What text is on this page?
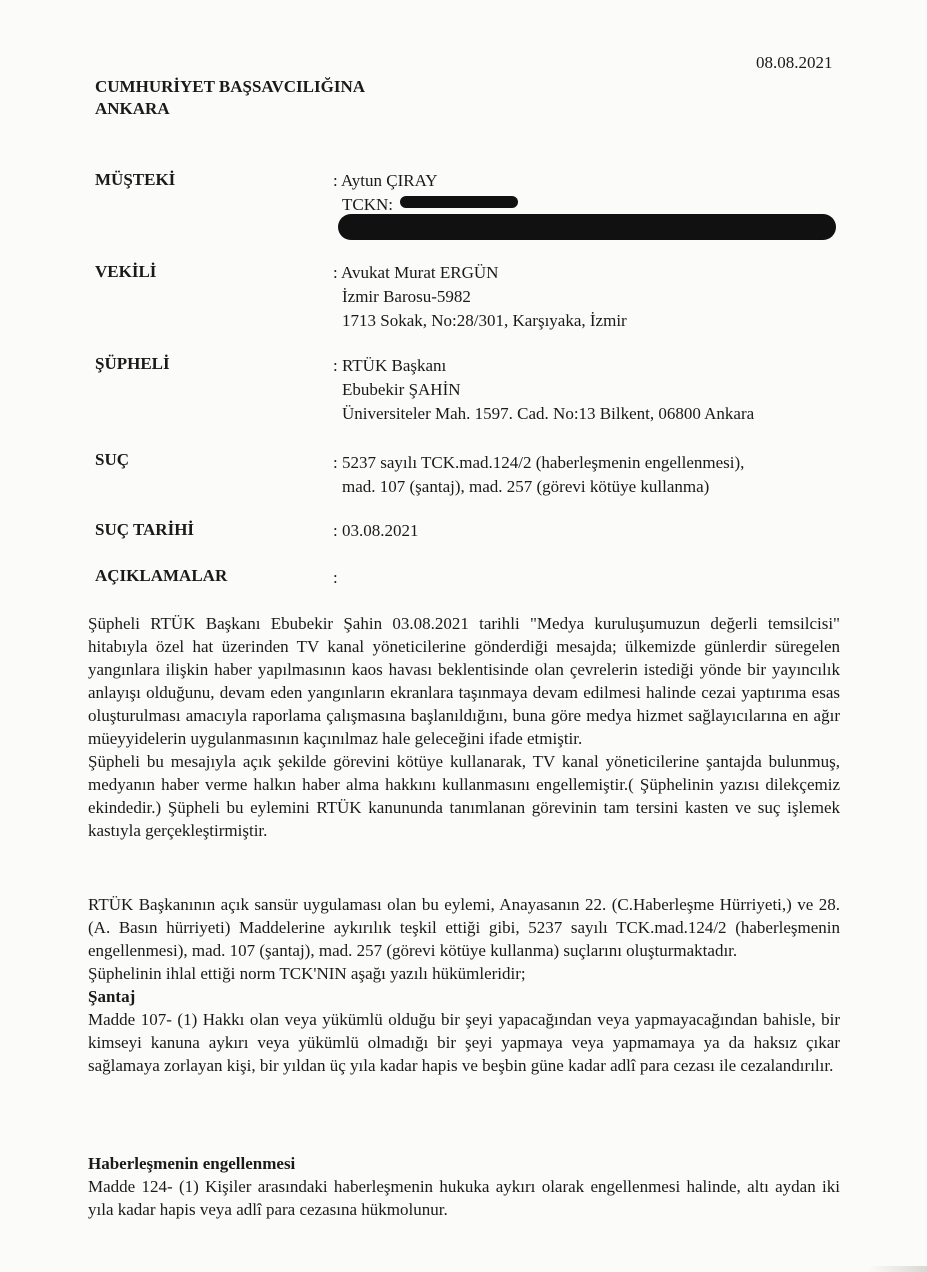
08.08.2021
CUMHURİYET BAŞSAVCILIĞINA
ANKARA
MÜŞTEKİ	: Aytun ÇIRAY
TCKN:
VEKİLİ	: Avukat Murat ERGÜN
İzmir Barosu-5982
1713 Sokak, No:28/301, Karşıyaka, İzmir
ŞÜPHELİ	: RTÜK Başkanı
Ebubekir ŞAHİN
Üniversiteler Mah. 1597. Cad. No:13 Bilkent, 06800 Ankara
SUÇ	: 5237 sayılı TCK.mad.124/2 (haberleşmenin engellenmesi),
mad. 107 (şantaj), mad. 257 (görevi kötüye kullanma)
SUÇ TARİHİ	: 03.08.2021
AÇIKLAMALAR	:

Şüpheli RTÜK Başkanı Ebubekir Şahin 03.08.2021 tarihli "Medya kuruluşumuzun değerli temsilcisi" hitabıyla özel hat üzerinden TV kanal yöneticilerine gönderdiği mesajda; ülkemizde günlerdir süregelen yangınlara ilişkin haber yapılmasının kaos havası beklentisinde olan çevrelerin istediği yönde bir yayıncılık anlayışı olduğunu, devam eden yangınların ekranlara taşınmaya devam edilmesi halinde cezai yaptırıma esas oluşturulması amacıyla raporlama çalışmasına başlanıldığını, buna göre medya hizmet sağlayıcılarına en ağır müeyyidelerin uygulanmasının kaçınılmaz hale geleceğini ifade etmiştir.

Şüpheli bu mesajıyla açık şekilde görevini kötüye kullanarak, TV kanal yöneticilerine şantajda bulunmuş, medyanın haber verme halkın haber alma hakkını kullanmasını engellemiştir.( Şüphelinin yazısı dilekçemiz ekindedir.) Şüpheli bu eylemini RTÜK kanununda tanımlanan görevinin tam tersini kasten ve suç işlemek kastıyla gerçekleştirmiştir.

RTÜK Başkanının açık sansür uygulaması olan bu eylemi, Anayasanın 22. (C.Haberleşme Hürriyeti,) ve 28. (A. Basın hürriyeti) Maddelerine aykırılık teşkil ettiği gibi, 5237 sayılı TCK.mad.124/2 (haberleşmenin engellenmesi), mad. 107 (şantaj), mad. 257 (görevi kötüye kullanma) suçlarını oluşturmaktadır.

Şüphelinin ihlal ettiği norm TCK'NIN aşağı yazılı hükümleridir;

Şantaj

Madde 107- (1) Hakkı olan veya yükümlü olduğu bir şeyi yapacağından veya yapmayacağından bahisle, bir kimseyi kanuna aykırı veya yükümlü olmadığı bir şeyi yapmaya veya yapmamaya ya da haksız çıkar sağlamaya zorlayan kişi, bir yıldan üç yıla kadar hapis ve beşbin güne kadar adlî para cezası ile cezalandırılır.

Haberleşmenin engellenmesi

Madde 124- (1) Kişiler arasındaki haberleşmenin hukuka aykırı olarak engellenmesi halinde, altı aydan iki yıla kadar hapis veya adlî para cezasına hükmolunur.
